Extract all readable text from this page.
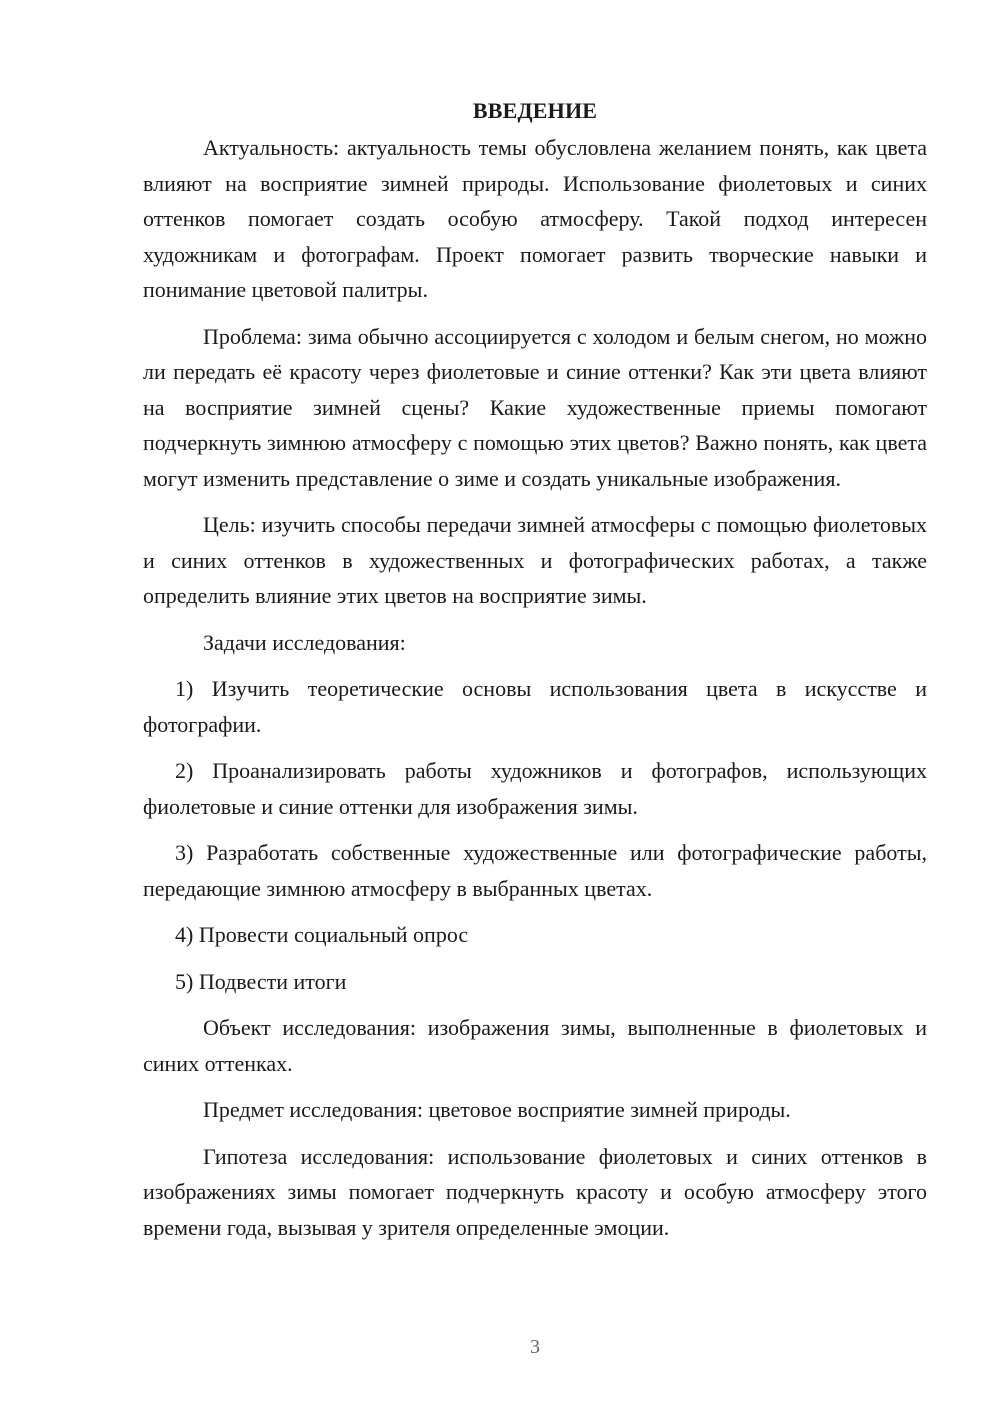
ВВЕДЕНИЕ

Актуальность: актуальность темы обусловлена желанием понять, как цвета влияют на восприятие зимней природы. Использование фиолетовых и синих оттенков помогает создать особую атмосферу. Такой подход интересен художникам и фотографам. Проект помогает развить творческие навыки и понимание цветовой палитры.

Проблема: зима обычно ассоциируется с холодом и белым снегом, но можно ли передать её красоту через фиолетовые и синие оттенки? Как эти цвета влияют на восприятие зимней сцены? Какие художественные приемы помогают подчеркнуть зимнюю атмосферу с помощью этих цветов? Важно понять, как цвета могут изменить представление о зиме и создать уникальные изображения.

Цель: изучить способы передачи зимней атмосферы с помощью фиолетовых и синих оттенков в художественных и фотографических работах, а также определить влияние этих цветов на восприятие зимы.

Задачи исследования:

1) Изучить теоретические основы использования цвета в искусстве и фотографии.

2) Проанализировать работы художников и фотографов, использующих фиолетовые и синие оттенки для изображения зимы.

3) Разработать собственные художественные или фотографические работы, передающие зимнюю атмосферу в выбранных цветах.

4) Провести социальный опрос

5) Подвести итоги

Объект исследования: изображения зимы, выполненные в фиолетовых и синих оттенках.

Предмет исследования: цветовое восприятие зимней природы.

Гипотеза исследования: использование фиолетовых и синих оттенков в изображениях зимы помогает подчеркнуть красоту и особую атмосферу этого времени года, вызывая у зрителя определенные эмоции.

3
